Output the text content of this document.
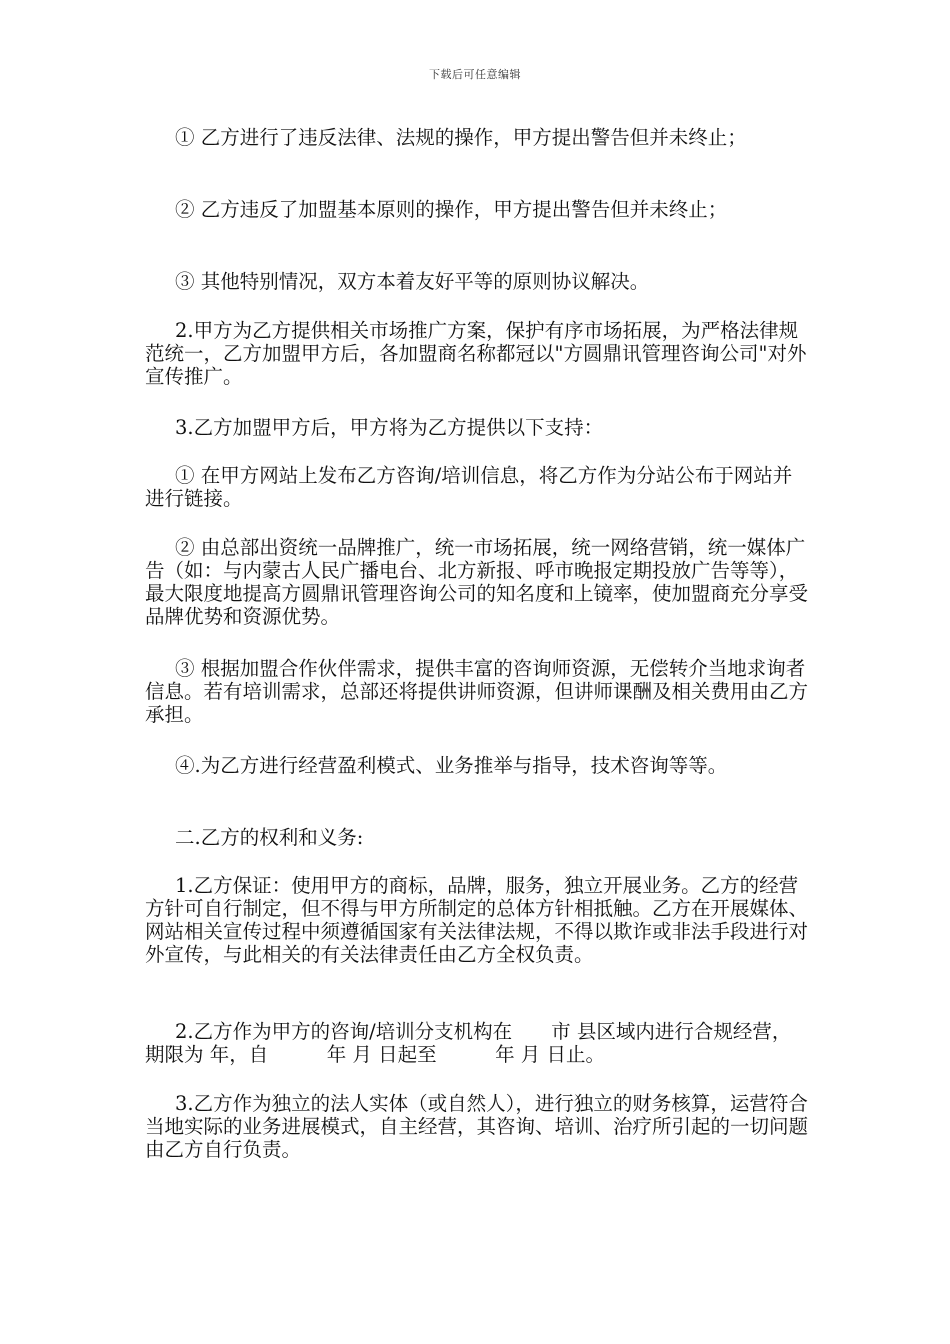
下载后可任意编辑

① 乙方进行了违反法律、法规的操作，甲方提出警告但并未终止；

② 乙方违反了加盟基本原则的操作，甲方提出警告但并未终止；

③ 其他特别情况，双方本着友好平等的原则协议解决。

2.甲方为乙方提供相关市场推广方案，保护有序市场拓展，为严格法律规范统一，乙方加盟甲方后，各加盟商名称都冠以"方圆鼎讯管理咨询公司"对外宣传推广。

3.乙方加盟甲方后，甲方将为乙方提供以下支持：

① 在甲方网站上发布乙方咨询/培训信息，将乙方作为分站公布于网站并进行链接。

② 由总部出资统一品牌推广，统一市场拓展，统一网络营销，统一媒体广告（如：与内蒙古人民广播电台、北方新报、呼市晚报定期投放广告等等），最大限度地提高方圆鼎讯管理咨询公司的知名度和上镜率，使加盟商充分享受品牌优势和资源优势。

③ 根据加盟合作伙伴需求，提供丰富的咨询师资源，无偿转介当地求询者信息。若有培训需求，总部还将提供讲师资源，但讲师课酬及相关费用由乙方承担。

④.为乙方进行经营盈利模式、业务推举与指导，技术咨询等等。

二.乙方的权利和义务:

1.乙方保证：使用甲方的商标，品牌，服务，独立开展业务。乙方的经营方针可自行制定，但不得与甲方所制定的总体方针相抵触。乙方在开展媒体、网站相关宣传过程中须遵循国家有关法律法规，不得以欺诈或非法手段进行对外宣传，与此相关的有关法律责任由乙方全权负责。

2.乙方作为甲方的咨询/培训分支机构在　　市 县区域内进行合规经营，期限为 年，自　　　年 月 日起至　　　年 月 日止。

3.乙方作为独立的法人实体（或自然人），进行独立的财务核算，运营符合当地实际的业务进展模式，自主经营，其咨询、培训、治疗所引起的一切问题由乙方自行负责。
